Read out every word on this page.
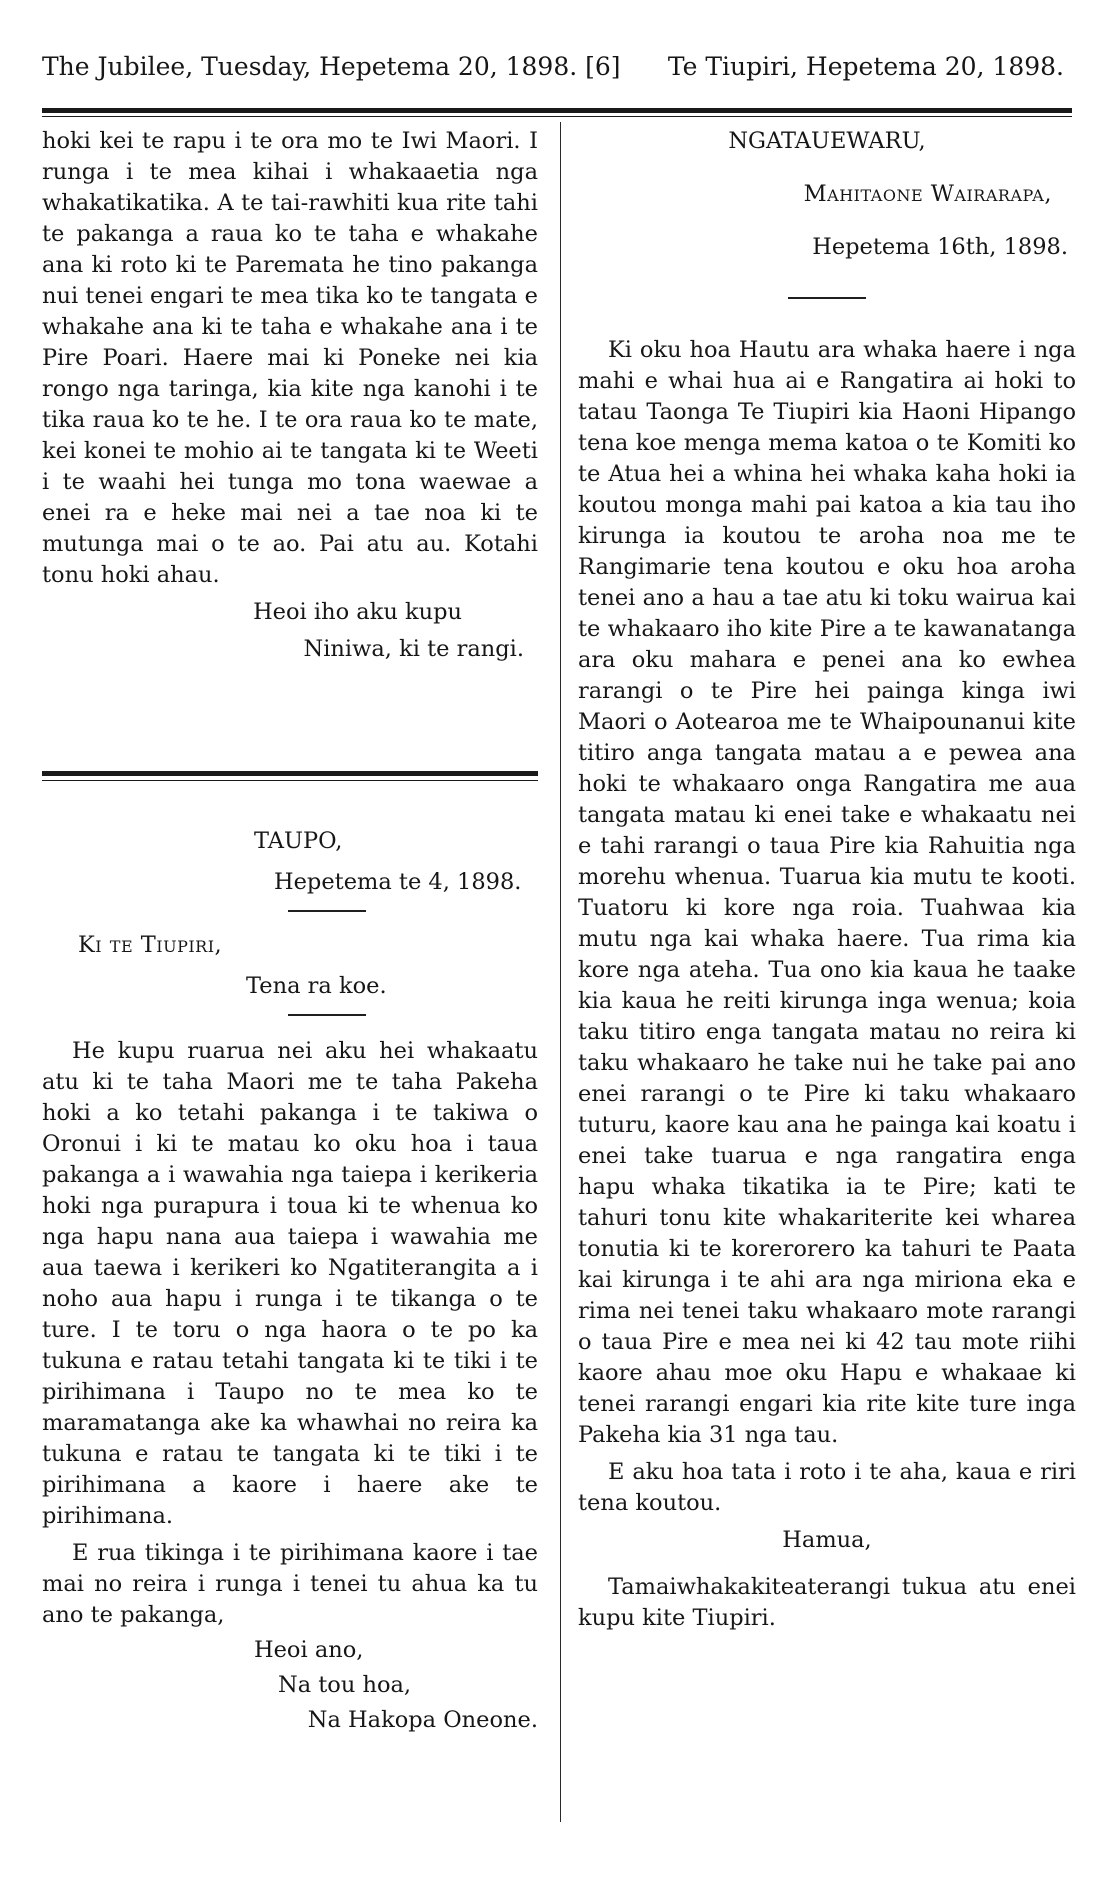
The Jubilee, Tuesday, Hepetema 20, 1898. [6] Te Tiupiri, Hepetema 20, 1898.

hoki kei te rapu i te ora mo te Iwi Maori. I runga i te mea kihai i whakaaetia nga whakatikatika. A te tai-rawhiti kua rite tahi te pakanga a raua ko te taha e whakahe ana ki roto ki te Paremata he tino pakanga nui tenei engari te mea tika ko te tangata e whakahe ana ki te taha e whakahe ana i te Pire Poari. Haere mai ki Poneke nei kia rongo nga taringa, kia kite nga kanohi i te tika raua ko te he. I te ora raua ko te mate, kei konei te mohio ai te tangata ki te Weeti i te waahi hei tunga mo tona waewae a enei ra e heke mai nei a tae noa ki te mutunga mai o te ao. Pai atu au. Kotahi tonu hoki ahau.

Heoi iho aku kupu

Niniwa, ki te rangi.

TAUPO,

Hepetema te 4, 1898.

Ki te Tiupiri,

Tena ra koe.

He kupu ruarua nei aku hei whakaatu atu ki te taha Maori me te taha Pakeha hoki a ko tetahi pakanga i te takiwa o Oronui i ki te matau ko oku hoa i taua pakanga a i wawahia nga taiepa i kerikeria hoki nga purapura i toua ki te whenua ko nga hapu nana aua taiepa i wawahia me aua taewa i kerikeri ko Ngatiterangita a i noho aua hapu i runga i te tikanga o te ture. I te toru o nga haora o te po ka tukuna e ratau tetahi tangata ki te tiki i te pirihimana i Taupo no te mea ko te maramatanga ake ka whawhai no reira ka tukuna e ratau te tangata ki te tiki i te pirihimana a kaore i haere ake te pirihimana.

E rua tikinga i te pirihimana kaore i tae mai no reira i runga i tenei tu ahua ka tu ano te pakanga,

Heoi ano,

Na tou hoa,

Na Hakopa Oneone.

NGATAUEWARU,

Mahitaone Wairarapa,

Hepetema 16th, 1898.

Ki oku hoa Hautu ara whaka haere i nga mahi e whai hua ai e Rangatira ai hoki to tatau Taonga Te Tiupiri kia Haoni Hipango tena koe menga mema katoa o te Komiti ko te Atua hei a whina hei whaka kaha hoki ia koutou monga mahi pai katoa a kia tau iho kirunga ia koutou te aroha noa me te Rangimarie tena koutou e oku hoa aroha tenei ano a hau a tae atu ki toku wairua kai te whakaaro iho kite Pire a te kawanatanga ara oku mahara e penei ana ko ewhea rarangi o te Pire hei painga kinga iwi Maori o Aotearoa me te Whaipounanui kite titiro anga tangata matau a e pewea ana hoki te whakaaro onga Rangatira me aua tangata matau ki enei take e whakaatu nei e tahi rarangi o taua Pire kia Rahuitia nga morehu whenua. Tuarua kia mutu te kooti. Tuatoru ki kore nga roia. Tuahwaa kia mutu nga kai whaka haere. Tua rima kia kore nga ateha. Tua ono kia kaua he taake kia kaua he reiti kirunga inga wenua; koia taku titiro enga tangata matau no reira ki taku whakaaro he take nui he take pai ano enei rarangi o te Pire ki taku whakaaro tuturu, kaore kau ana he painga kai koatu i enei take tuarua e nga rangatira enga hapu whaka tikatika ia te Pire; kati te tahuri tonu kite whakariterite kei wharea tonutia ki te korerorero ka tahuri te Paata kai kirunga i te ahi ara nga miriona eka e rima nei tenei taku whakaaro mote rarangi o taua Pire e mea nei ki 42 tau mote riihi kaore ahau moe oku Hapu e whakaae ki tenei rarangi engari kia rite kite ture inga Pakeha kia 31 nga tau.

E aku hoa tata i roto i te aha, kaua e riri tena koutou.

Hamua,

Tamaiwhakakiteaterangi tukua atu enei kupu kite Tiupiri.
